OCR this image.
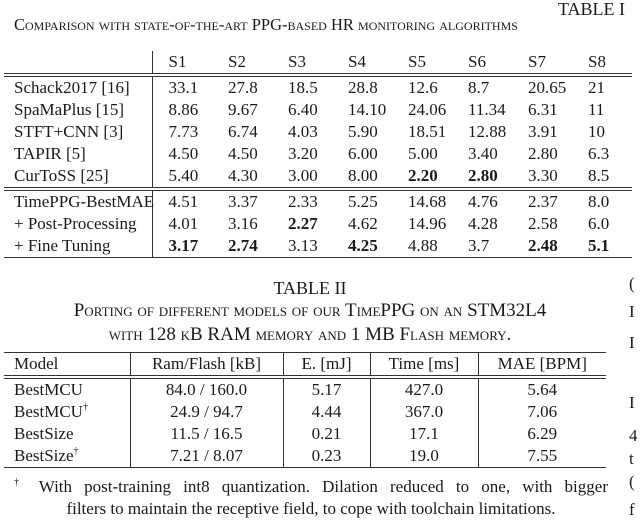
TABLE I
Comparison with state-of-the-art PPG-based HR monitoring algorithms
	S1	S2	S3	S4	S5	S6	S7	S8
Schack2017 [16]	33.1	27.8	18.5	28.8	12.6	8.7	20.65	21
SpaMaPlus [15]	8.86	9.67	6.40	14.10	24.06	11.34	6.31	11
STFT+CNN [3]	7.73	6.74	4.03	5.90	18.51	12.88	3.91	10
TAPIR [5]	4.50	4.50	3.20	6.00	5.00	3.40	2.80	6.3
CurToSS [25]	5.40	4.30	3.00	8.00	2.20	2.80	3.30	8.5
TimePPG-BestMAE	4.51	3.37	2.33	5.25	14.68	4.76	2.37	8.0
+ Post-Processing	4.01	3.16	2.27	4.62	14.96	4.28	2.58	6.0
+ Fine Tuning	3.17	2.74	3.13	4.25	4.88	3.7	2.48	5.1
TABLE II
Porting of different models of our TimePPG on an STM32L4
with 128 kB RAM memory and 1 MB Flash memory.
Model	Ram/Flash [kB]	E. [mJ]	Time [ms]	MAE [BPM]
BestMCU	84.0 / 160.0	5.17	427.0	5.64
BestMCU†	24.9 / 94.7	4.44	367.0	7.06
BestSize	11.5 / 16.5	0.21	17.1	6.29
BestSize†	7.21 / 8.07	0.23	19.0	7.55
† With post-training int8 quantization. Dilation reduced to one, with bigger
filters to maintain the receptive field, to cope with toolchain limitations.
(
I
I
I
4
t
(
f
